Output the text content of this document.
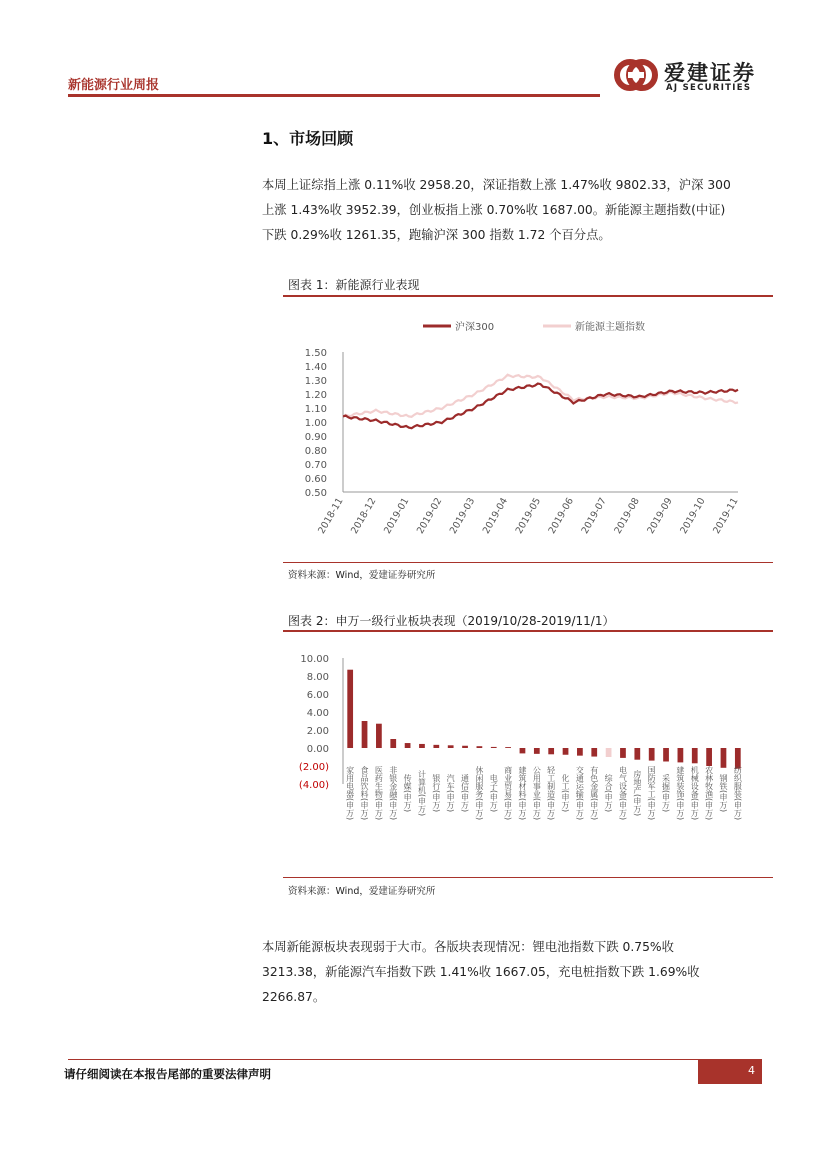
新能源行业周报
爱建证券
AJ SECURITIES
1、市场回顾
本周上证综指上涨 0.11%收 2958.20，深证指数上涨 1.47%收 9802.33，沪深 300
上涨 1.43%收 3952.39，创业板指上涨 0.70%收 1687.00。新能源主题指数(中证)
下跌 0.29%收 1261.35，跑输沪深 300 指数 1.72 个百分点。
图表 1：新能源行业表现
沪深300	新能源主题指数
1.50
1.40
1.30
1.20
1.10
1.00
0.90
0.80
0.70
0.60
0.50
2018-11 2018-12 2019-01 2019-02 2019-03 2019-04 2019-05 2019-06 2019-07 2019-08 2019-09 2019-10 2019-11
资料来源：Wind，爱建证券研究所
图表 2：申万一级行业板块表现（2019/10/28-2019/11/1）
10.00
8.00
6.00
4.00
2.00
0.00
(2.00)
(4.00) 家用电器(申万) 食品饮料(申万) 医药生物(申万) 非银金融(申万) 传媒(申万) 计算机(申万) 银行(申万) 汽车(申万) 通信(申万) 休闲服务(申万) 电子(申万) 商业贸易(申万) 建筑材料(申万) 公用事业(申万) 轻工制造(申万) 化工(申万) 交通运输(申万) 有色金属(申万) 综合(申万) 电气设备(申万) 房地产(申万) 国防军工(申万) 采掘(申万) 建筑装饰(申万) 机械设备(申万) 农林牧渔(申万) 钢铁(申万) 纺织服装(申万)
资料来源：Wind，爱建证券研究所
本周新能源板块表现弱于大市。各版块表现情况：锂电池指数下跌 0.75%收
3213.38，新能源汽车指数下跌 1.41%收 1667.05，充电桩指数下跌 1.69%收
2266.87。
请仔细阅读在本报告尾部的重要法律声明	4
